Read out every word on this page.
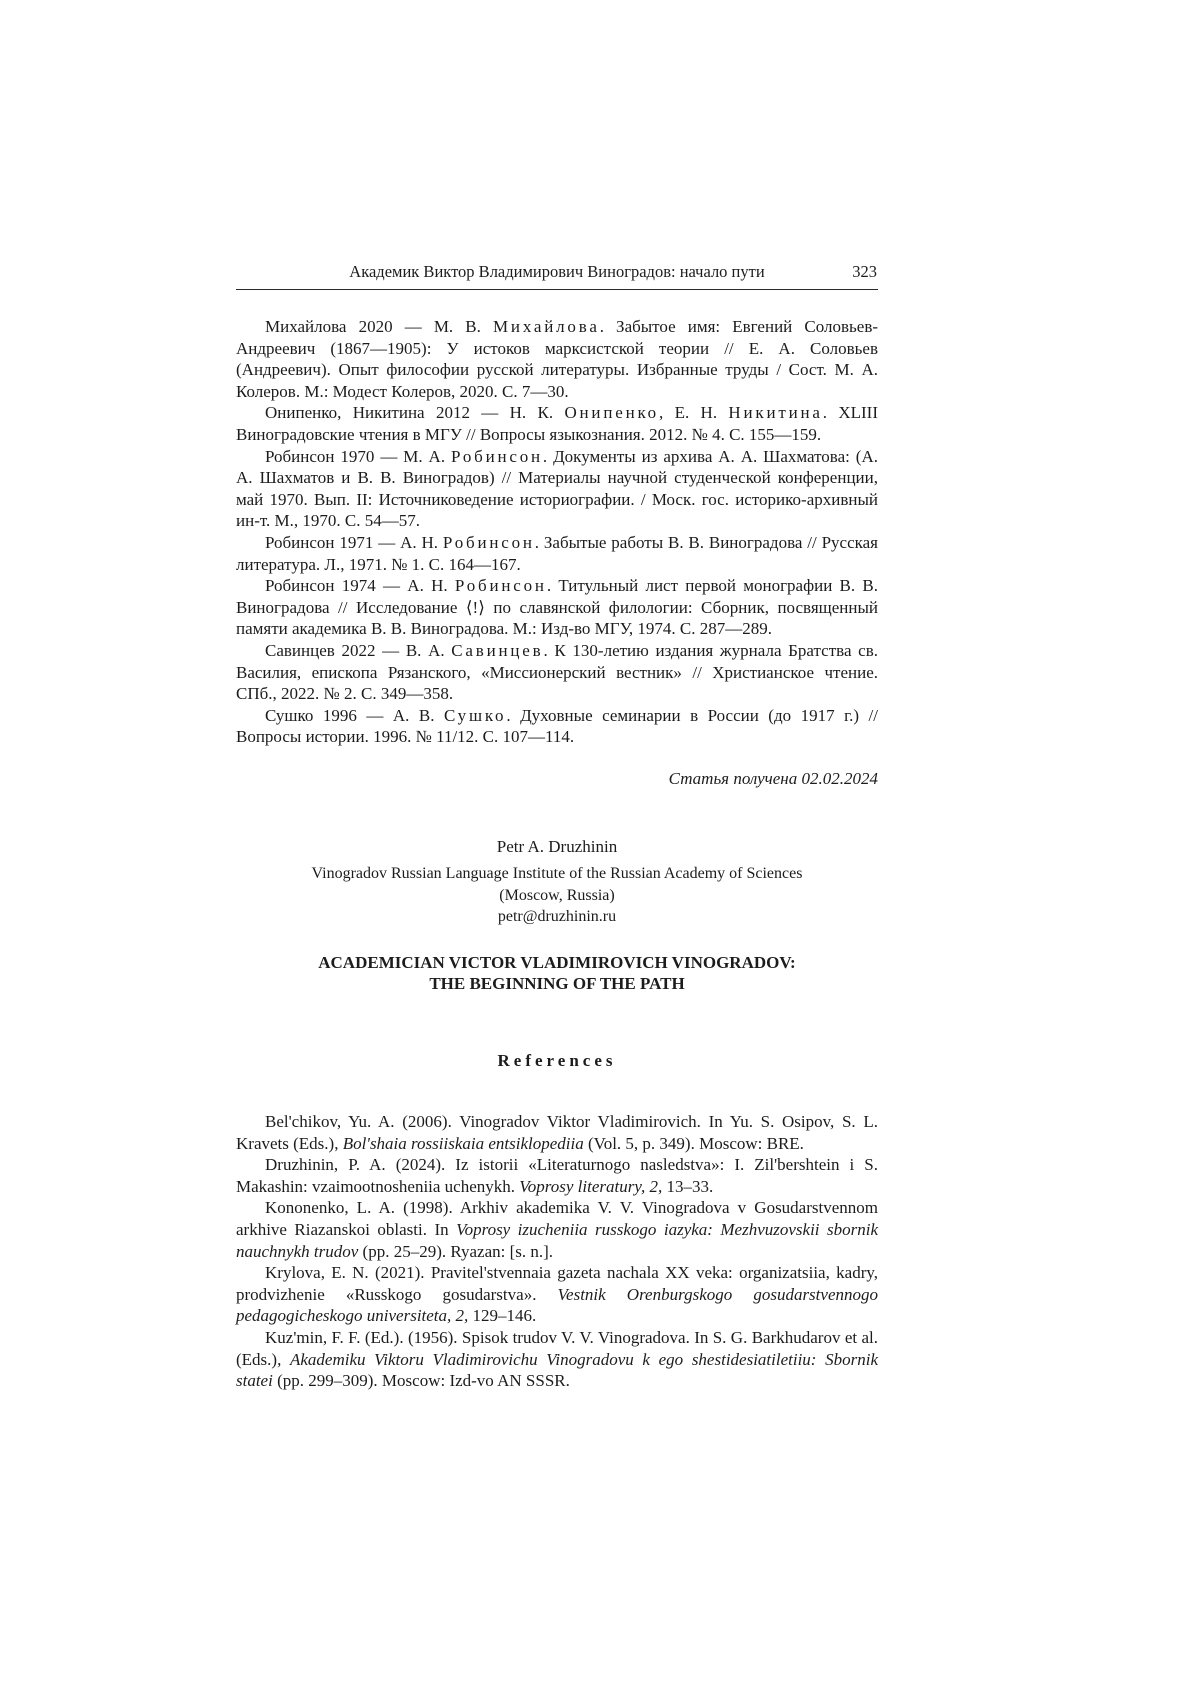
Академик Виктор Владимирович Виноградов: начало пути	323

Михайлова 2020 — М. В. Михайлова. Забытое имя: Евгений Соловьев-Андреевич (1867—1905): У истоков марксистской теории // Е. А. Соловьев (Андреевич). Опыт философии русской литературы. Избранные труды / Сост. М. А. Колеров. М.: Модест Колеров, 2020. С. 7—30.

Онипенко, Никитина 2012 — Н. К. Онипенко, Е. Н. Никитина. XLIII Виноградовские чтения в МГУ // Вопросы языкознания. 2012. № 4. С. 155—159.

Робинсон 1970 — М. А. Робинсон. Документы из архива А. А. Шахматова: (А. А. Шахматов и В. В. Виноградов) // Материалы научной студенческой конференции, май 1970. Вып. II: Источниковедение историографии. / Моск. гос. историко-архивный ин-т. М., 1970. С. 54—57.

Робинсон 1971 — А. Н. Робинсон. Забытые работы В. В. Виноградова // Русская литература. Л., 1971. № 1. С. 164—167.

Робинсон 1974 — А. Н. Робинсон. Титульный лист первой монографии В. В. Виноградова // Исследование ⟨!⟩ по славянской филологии: Сборник, посвященный памяти академика В. В. Виноградова. М.: Изд-во МГУ, 1974. С. 287—289.

Савинцев 2022 — В. А. Савинцев. К 130-летию издания журнала Братства св. Василия, епископа Рязанского, «Миссионерский вестник» // Христианское чтение. СПб., 2022. № 2. С. 349—358.

Сушко 1996 — А. В. Сушко. Духовные семинарии в России (до 1917 г.) // Вопросы истории. 1996. № 11/12. С. 107—114.

Статья получена 02.02.2024
Petr A. Druzhinin
Vinogradov Russian Language Institute of the Russian Academy of Sciences
(Moscow, Russia)
petr@druzhinin.ru
ACADEMICIAN VICTOR VLADIMIROVICH VINOGRADOV:
THE BEGINNING OF THE PATH
References

Bel'chikov, Yu. A. (2006). Vinogradov Viktor Vladimirovich. In Yu. S. Osipov, S. L. Kravets (Eds.), Bol'shaia rossiiskaia entsiklopediia (Vol. 5, p. 349). Moscow: BRE.

Druzhinin, P. A. (2024). Iz istorii «Literaturnogo nasledstva»: I. Zil'bershtein i S. Makashin: vzaimootnosheniia uchenykh. Voprosy literatury, 2, 13–33.

Kononenko, L. A. (1998). Arkhiv akademika V. V. Vinogradova v Gosudarstvennom arkhive Riazanskoi oblasti. In Voprosy izucheniia russkogo iazyka: Mezhvuzovskii sbornik nauchnykh trudov (pp. 25–29). Ryazan: [s. n.].

Krylova, E. N. (2021). Pravitel'stvennaia gazeta nachala XX veka: organizatsiia, kadry, prodvizhenie «Russkogo gosudarstva». Vestnik Orenburgskogo gosudarstvennogo pedagogicheskogo universiteta, 2, 129–146.

Kuz'min, F. F. (Ed.). (1956). Spisok trudov V. V. Vinogradova. In S. G. Barkhudarov et al. (Eds.), Akademiku Viktoru Vladimirovichu Vinogradovu k ego shestidesiatiletiiu: Sbornik statei (pp. 299–309). Moscow: Izd-vo AN SSSR.
